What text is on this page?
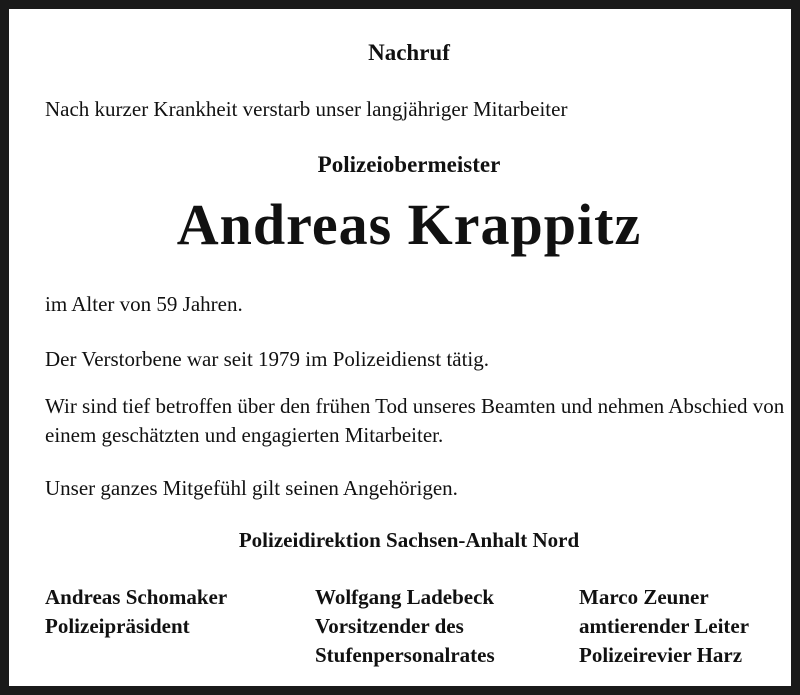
Nachruf
Nach kurzer Krankheit verstarb unser langjähriger Mitarbeiter
Polizeiobermeister
Andreas Krappitz
im Alter von 59 Jahren.
Der Verstorbene war seit 1979 im Polizeidienst tätig.
Wir sind tief betroffen über den frühen Tod unseres Beamten und nehmen Abschied von einem geschätzten und engagierten Mitarbeiter.
Unser ganzes Mitgefühl gilt seinen Angehörigen.
Polizeidirektion Sachsen-Anhalt Nord
Andreas Schomaker
Polizeipräsident
Wolfgang Ladebeck
Vorsitzender des
Stufenpersonalrates
Marco Zeuner
amtierender Leiter
Polizeirevier Harz
